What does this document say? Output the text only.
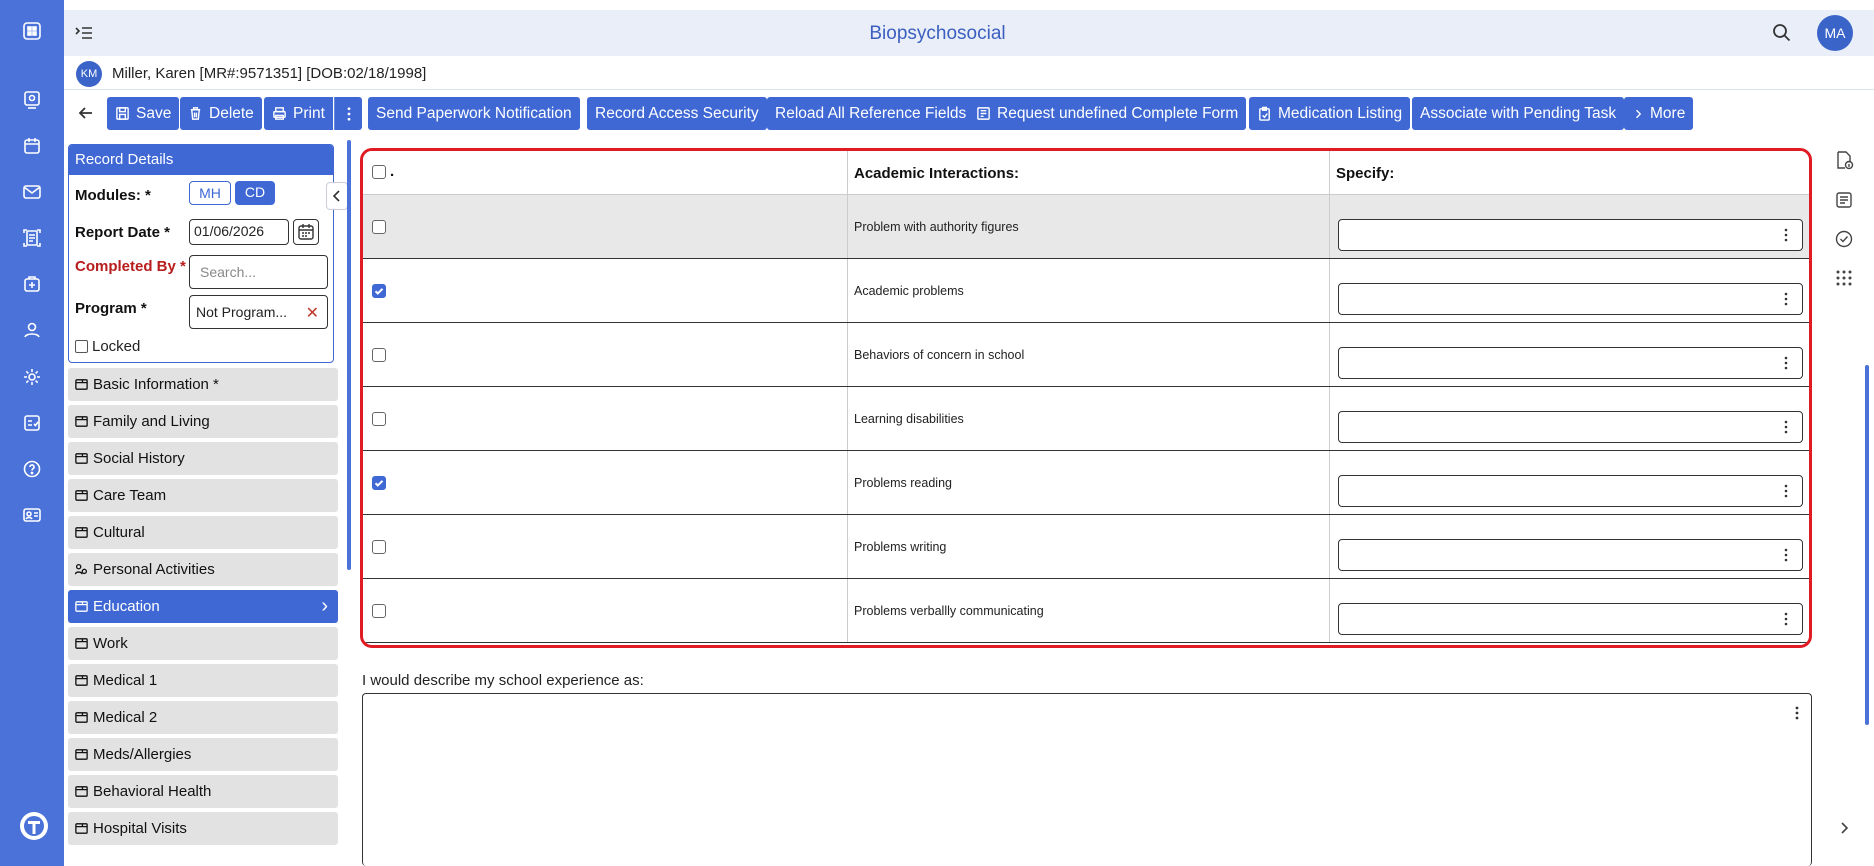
Biopsychosocial	MA
KM Miller, Karen [MR#:9571351] [DOB:02/18/1998]
Save Delete	Print	Send Paperwork Notification Record Access Security Reload All Reference Fields Request undefined Complete Form	Medication Listing Associate with Pending Task More
Record Details
Modules: *	MH	CD
Report Date *	01/06/2026
Completed By *	Search...
Program *	Not Program... ✕
Locked
Basic Information *
Family and Living
Social History
Care Team
Cultural
Personal Activities
Education	›
Work
Medical 1
Medical 2
Meds/Allergies
Behavioral Health
Hospital Visits
.	Academic Interactions:	Specify:
Problem with authority figures
Academic problems
Behaviors of concern in school
Learning disabilities
Problems reading
Problems writing
Problems verballly communicating
I would describe my school experience as:
